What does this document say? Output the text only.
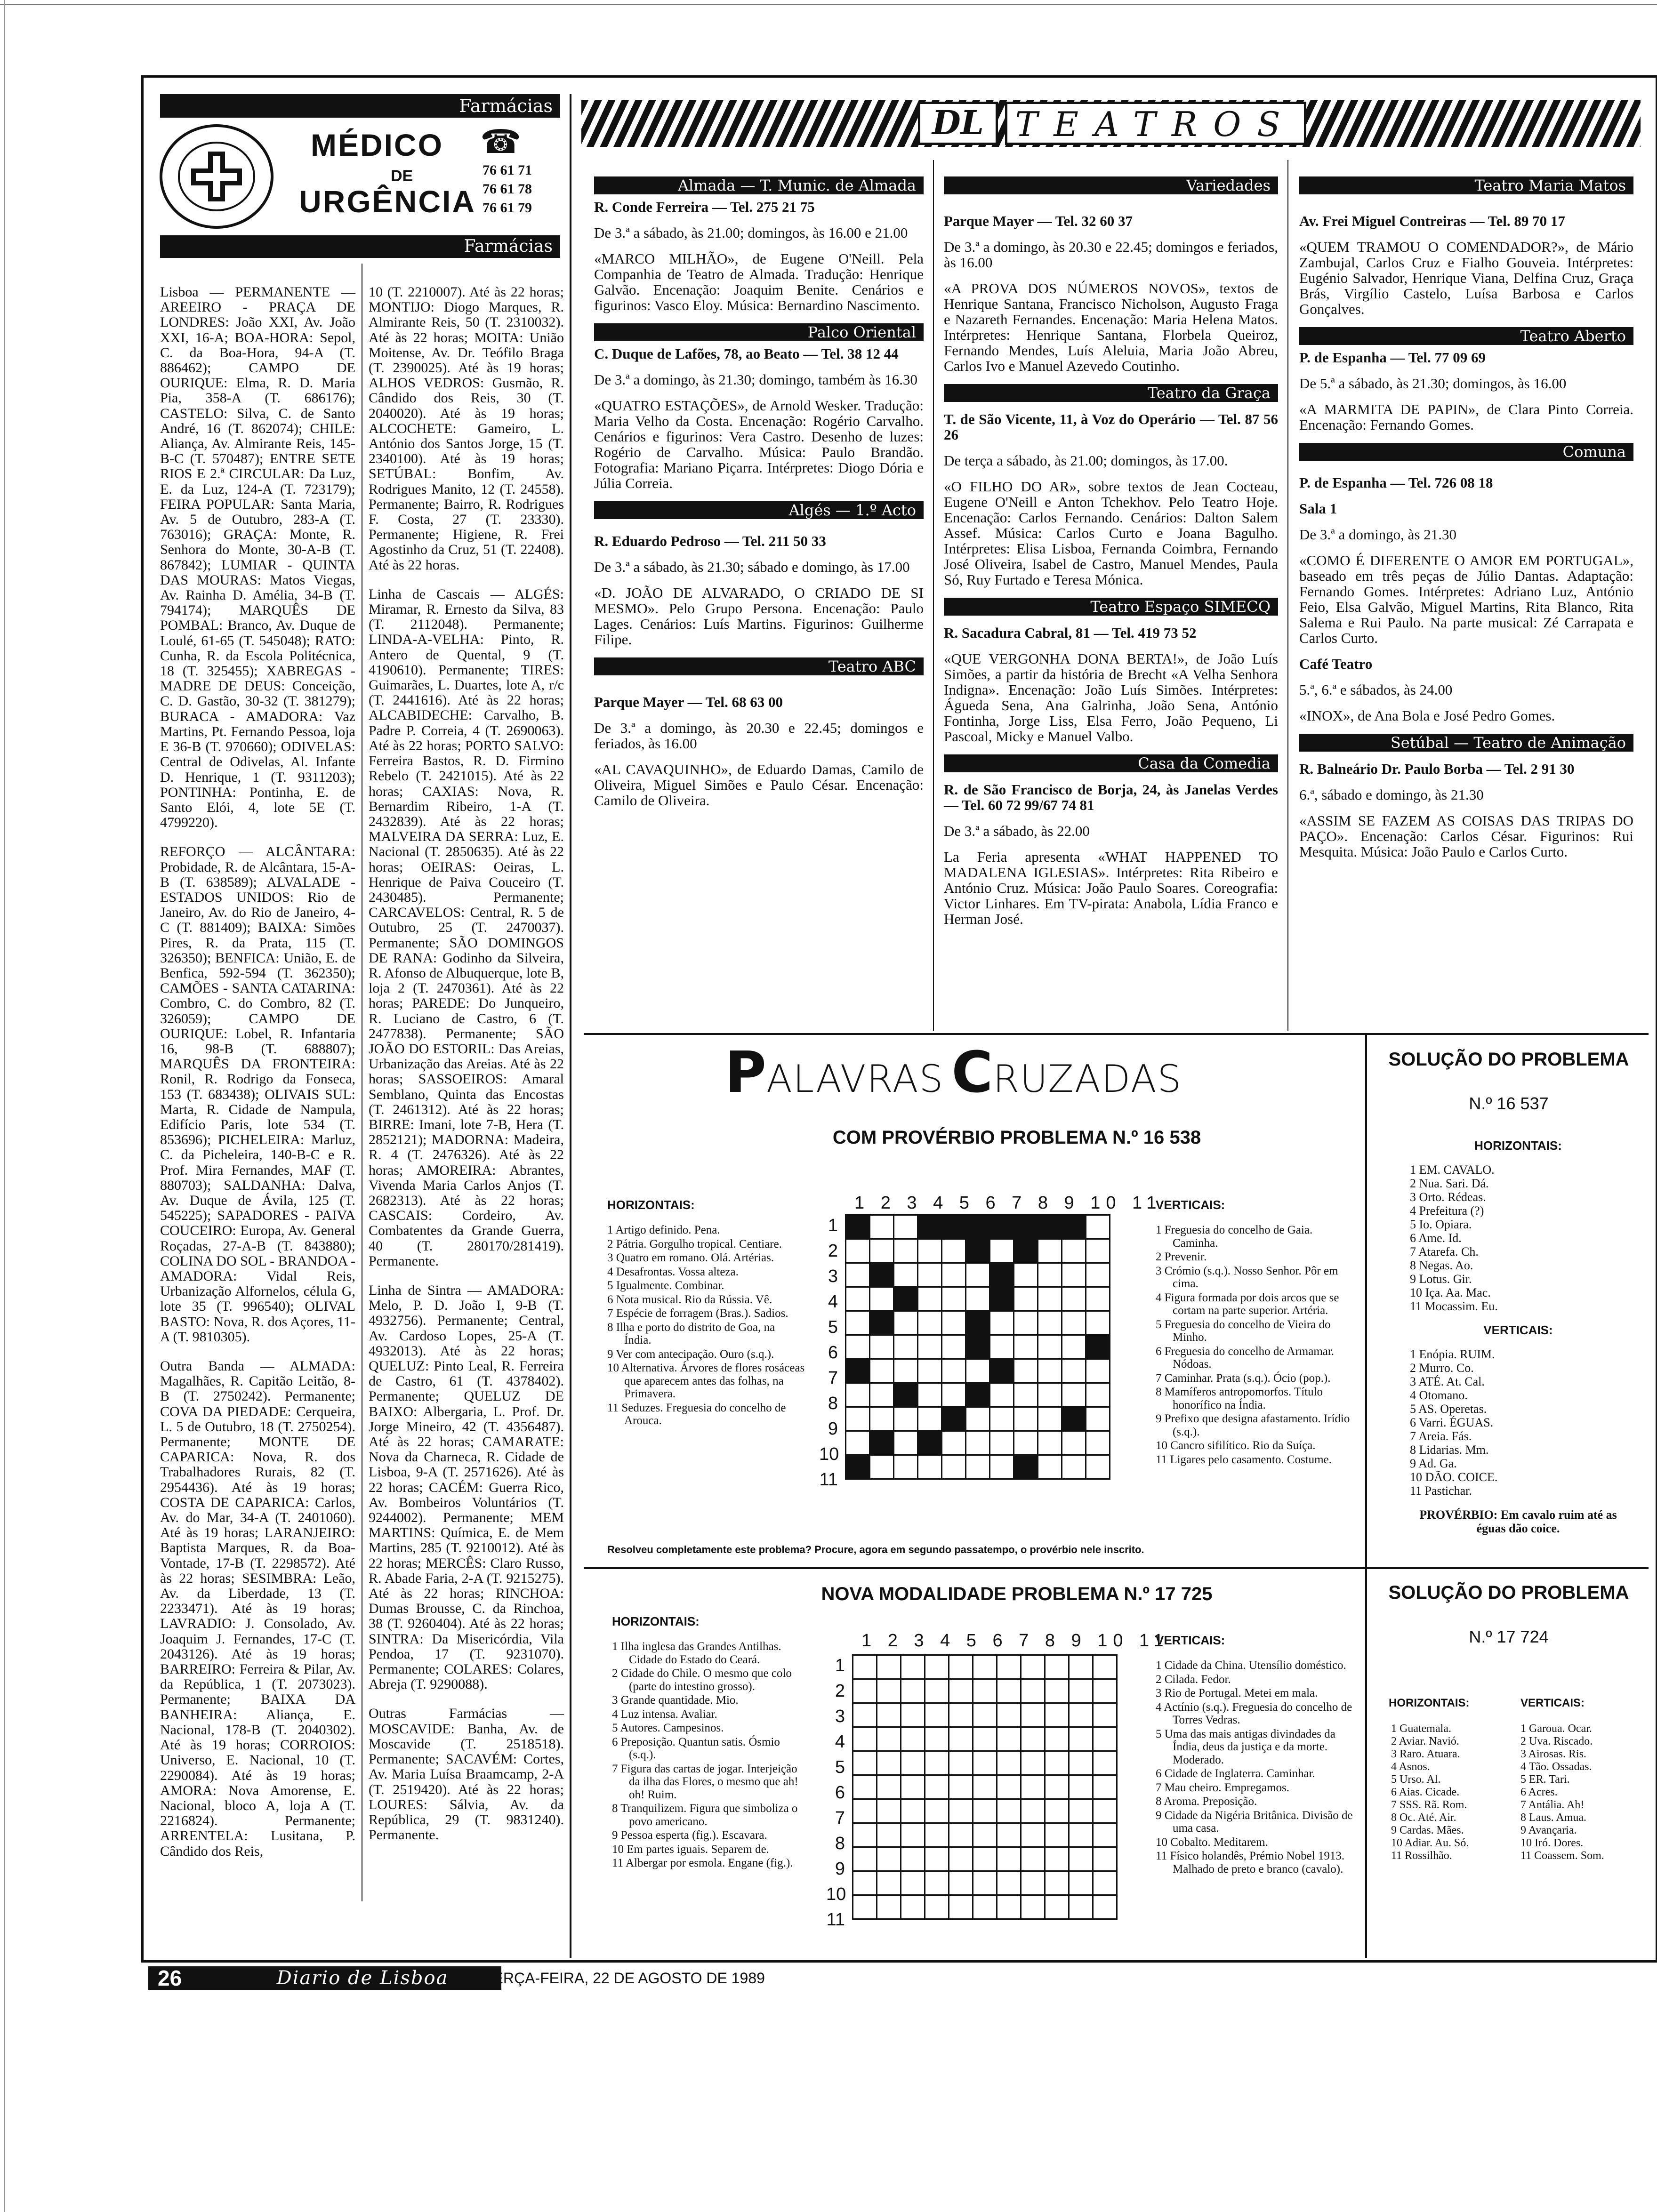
Farmácias
MÉDICO ☎
DE
URGÊNCIA
76 61 71
76 61 78
76 61 79
Farmácias

Lisboa — PERMANENTE — AREEIRO - PRAÇA DE LONDRES: João XXI, Av. João XXI, 16-A; BOA-HORA: Sepol, C. da Boa-Hora, 94-A (T. 886462); CAMPO DE OURIQUE: Elma, R. D. Maria Pia, 358-A (T. 686176); CASTELO: Silva, C. de Santo André, 16 (T. 862074); CHILE: Aliança, Av. Almirante Reis, 145-B-C (T. 570487); ENTRE SETE RIOS E 2.ª CIRCULAR: Da Luz, E. da Luz, 124-A (T. 723179); FEIRA POPULAR: Santa Maria, Av. 5 de Outubro, 283-A (T. 763016); GRAÇA: Monte, R. Senhora do Monte, 30-A-B (T. 867842); LUMIAR - QUINTA DAS MOURAS: Matos Viegas, Av. Rainha D. Amélia, 34-B (T. 794174); MARQUÊS DE POMBAL: Branco, Av. Duque de Loulé, 61-65 (T. 545048); RATO: Cunha, R. da Escola Politécnica, 18 (T. 325455); XABREGAS - MADRE DE DEUS: Conceição, C. D. Gastão, 30-32 (T. 381279); BURACA - AMADORA: Vaz Martins, Pt. Fernando Pessoa, loja E 36-B (T. 970660); ODIVELAS: Central de Odivelas, Al. Infante D. Henrique, 1 (T. 9311203); PONTINHA: Pontinha, E. de Santo Elói, 4, lote 5E (T. 4799220).

REFORÇO — ALCÂNTARA: Probidade, R. de Alcântara, 15-A-B (T. 638589); ALVALADE - ESTADOS UNIDOS: Rio de Janeiro, Av. do Rio de Janeiro, 4-C (T. 881409); BAIXA: Simões Pires, R. da Prata, 115 (T. 326350); BENFICA: União, E. de Benfica, 592-594 (T. 362350); CAMÕES - SANTA CATARINA: Combro, C. do Combro, 82 (T. 326059); CAMPO DE OURIQUE: Lobel, R. Infantaria 16, 98-B (T. 688807); MARQUÊS DA FRONTEIRA: Ronil, R. Rodrigo da Fonseca, 153 (T. 683438); OLIVAIS SUL: Marta, R. Cidade de Nampula, Edifício Paris, lote 534 (T. 853696); PICHELEIRA: Marluz, C. da Picheleira, 140-B-C e R. Prof. Mira Fernandes, MAF (T. 880703); SALDANHA: Dalva, Av. Duque de Ávila, 125 (T. 545225); SAPADORES - PAIVA COUCEIRO: Europa, Av. General Roçadas, 27-A-B (T. 843880); COLINA DO SOL - BRANDOA - AMADORA: Vidal Reis, Urbanização Alfornelos, célula G, lote 35 (T. 996540); OLIVAL BASTO: Nova, R. dos Açores, 11-A (T. 9810305).

Outra Banda — ALMADA: Magalhães, R. Capitão Leitão, 8-B (T. 2750242). Permanente; COVA DA PIEDADE: Cerqueira, L. 5 de Outubro, 18 (T. 2750254). Permanente; MONTE DE CAPARICA: Nova, R. dos Trabalhadores Rurais, 82 (T. 2954436). Até às 19 horas; COSTA DE CAPARICA: Carlos, Av. do Mar, 34-A (T. 2401060). Até às 19 horas; LARANJEIRO: Baptista Marques, R. da Boa-Vontade, 17-B (T. 2298572). Até às 22 horas; SESIMBRA: Leão, Av. da Liberdade, 13 (T. 2233471). Até às 19 horas; LAVRADIO: J. Consolado, Av. Joaquim J. Fernandes, 17-C (T. 2043126). Até às 19 horas; BARREIRO: Ferreira & Pilar, Av. da República, 1 (T. 2073023). Permanente; BAIXA DA BANHEIRA: Aliança, E. Nacional, 178-B (T. 2040302). Até às 19 horas; CORROIOS: Universo, E. Nacional, 10 (T. 2290084). Até às 19 horas; AMORA: Nova Amorense, E. Nacional, bloco A, loja A (T. 2216824). Permanente; ARRENTELA: Lusitana, P. Cândido dos Reis,

10 (T. 2210007). Até às 22 horas; MONTIJO: Diogo Marques, R. Almirante Reis, 50 (T. 2310032). Até às 22 horas; MOITA: União Moitense, Av. Dr. Teófilo Braga (T. 2390025). Até às 19 horas; ALHOS VEDROS: Gusmão, R. Cândido dos Reis, 30 (T. 2040020). Até às 19 horas; ALCOCHETE: Gameiro, L. António dos Santos Jorge, 15 (T. 2340100). Até às 19 horas; SETÚBAL: Bonfim, Av. Rodrigues Manito, 12 (T. 24558). Permanente; Bairro, R. Rodrigues F. Costa, 27 (T. 23330). Permanente; Higiene, R. Frei Agostinho da Cruz, 51 (T. 22408). Até às 22 horas.

Linha de Cascais — ALGÉS: Miramar, R. Ernesto da Silva, 83 (T. 2112048). Permanente; LINDA-A-VELHA: Pinto, R. Antero de Quental, 9 (T. 4190610). Permanente; TIRES: Guimarães, L. Duartes, lote A, r/c (T. 2441616). Até às 22 horas; ALCABIDECHE: Carvalho, B. Padre P. Correia, 4 (T. 2690063). Até às 22 horas; PORTO SALVO: Ferreira Bastos, R. D. Firmino Rebelo (T. 2421015). Até às 22 horas; CAXIAS: Nova, R. Bernardim Ribeiro, 1-A (T. 2432839). Até às 22 horas; MALVEIRA DA SERRA: Luz, E. Nacional (T. 2850635). Até às 22 horas; OEIRAS: Oeiras, L. Henrique de Paiva Couceiro (T. 2430485). Permanente; CARCAVELOS: Central, R. 5 de Outubro, 25 (T. 2470037). Permanente; SÃO DOMINGOS DE RANA: Godinho da Silveira, R. Afonso de Albuquerque, lote B, loja 2 (T. 2470361). Até às 22 horas; PAREDE: Do Junqueiro, R. Luciano de Castro, 6 (T. 2477838). Permanente; SÃO JOÃO DO ESTORIL: Das Areias, Urbanização das Areias. Até às 22 horas; SASSOEIROS: Amaral Semblano, Quinta das Encostas (T. 2461312). Até às 22 horas; BIRRE: Imani, lote 7-B, Hera (T. 2852121); MADORNA: Madeira, R. 4 (T. 2476326). Até às 22 horas; AMOREIRA: Abrantes, Vivenda Maria Carlos Anjos (T. 2682313). Até às 22 horas; CASCAIS: Cordeiro, Av. Combatentes da Grande Guerra, 40 (T. 280170/281419). Permanente.

Linha de Sintra — AMADORA: Melo, P. D. João I, 9-B (T. 4932756). Permanente; Central, Av. Cardoso Lopes, 25-A (T. 4932013). Até às 22 horas; QUELUZ: Pinto Leal, R. Ferreira de Castro, 61 (T. 4378402). Permanente; QUELUZ DE BAIXO: Albergaria, L. Prof. Dr. Jorge Mineiro, 42 (T. 4356487). Até às 22 horas; CAMARATE: Nova da Charneca, R. Cidade de Lisboa, 9-A (T. 2571626). Até às 22 horas; CACÉM: Guerra Rico, Av. Bombeiros Voluntários (T. 9244002). Permanente; MEM MARTINS: Química, E. de Mem Martins, 285 (T. 9210012). Até às 22 horas; MERCÊS: Claro Russo, R. Abade Faria, 2-A (T. 9215275). Até às 22 horas; RINCHOA: Dumas Brousse, C. da Rinchoa, 38 (T. 9260404). Até às 22 horas; SINTRA: Da Misericórdia, Vila Pendoa, 17 (T. 9231070). Permanente; COLARES: Colares, Abreja (T. 9290088).

Outras Farmácias — MOSCAVIDE: Banha, Av. de Moscavide (T. 2518518). Permanente; SACAVÉM: Cortes, Av. Maria Luísa Braamcamp, 2-A (T. 2519420). Até às 22 horas; LOURES: Sálvia, Av. da República, 29 (T. 9831240). Permanente.

DL TEATROS
Almada — T. Munic. de Almada

R. Conde Ferreira — Tel. 275 21 75

De 3.ª a sábado, às 21.00; domingos, às 16.00 e 21.00

«MARCO MILHÃO», de Eugene O'Neill. Pela Companhia de Teatro de Almada. Tradução: Henrique Galvão. Encenação: Joaquim Benite. Cenários e figurinos: Vasco Eloy. Música: Bernardino Nascimento.

Palco Oriental

C. Duque de Lafões, 78, ao Beato — Tel. 38 12 44

De 3.ª a domingo, às 21.30; domingo, também às 16.30

«QUATRO ESTAÇÕES», de Arnold Wesker. Tradução: Maria Velho da Costa. Encenação: Rogério Carvalho. Cenários e figurinos: Vera Castro. Desenho de luzes: Rogério de Carvalho. Música: Paulo Brandão. Fotografia: Mariano Piçarra. Intérpretes: Diogo Dória e Júlia Correia.

Algés — 1.º Acto

R. Eduardo Pedroso — Tel. 211 50 33

De 3.ª a sábado, às 21.30; sábado e domingo, às 17.00

«D. JOÃO DE ALVARADO, O CRIADO DE SI MESMO». Pelo Grupo Persona. Encenação: Paulo Lages. Cenários: Luís Martins. Figurinos: Guilherme Filipe.

Teatro ABC

Parque Mayer — Tel. 68 63 00

De 3.ª a domingo, às 20.30 e 22.45; domingos e feriados, às 16.00

«AL CAVAQUINHO», de Eduardo Damas, Camilo de Oliveira, Miguel Simões e Paulo César. Encenação: Camilo de Oliveira.

Variedades

Parque Mayer — Tel. 32 60 37

De 3.ª a domingo, às 20.30 e 22.45; domingos e feriados, às 16.00

«A PROVA DOS NÚMEROS NOVOS», textos de Henrique Santana, Francisco Nicholson, Augusto Fraga e Nazareth Fernandes. Encenação: Maria Helena Matos. Intérpretes: Henrique Santana, Florbela Queiroz, Fernando Mendes, Luís Aleluia, Maria João Abreu, Carlos Ivo e Manuel Azevedo Coutinho.

Teatro da Graça

T. de São Vicente, 11, à Voz do Operário — Tel. 87 56 26

De terça a sábado, às 21.00; domingos, às 17.00.

«O FILHO DO AR», sobre textos de Jean Cocteau, Eugene O'Neill e Anton Tchekhov. Pelo Teatro Hoje. Encenação: Carlos Fernando. Cenários: Dalton Salem Assef. Música: Carlos Curto e Joana Bagulho. Intérpretes: Elisa Lisboa, Fernanda Coimbra, Fernando José Oliveira, Isabel de Castro, Manuel Mendes, Paula Só, Ruy Furtado e Teresa Mónica.

Teatro Espaço SIMECQ

R. Sacadura Cabral, 81 — Tel. 419 73 52

«QUE VERGONHA DONA BERTA!», de João Luís Simões, a partir da história de Brecht «A Velha Senhora Indigna». Encenação: João Luís Simões. Intérpretes: Águeda Sena, Ana Galrinha, João Sena, António Fontinha, Jorge Liss, Elsa Ferro, João Pequeno, Li Pascoal, Micky e Manuel Valbo.

Casa da Comedia

R. de São Francisco de Borja, 24, às Janelas Verdes — Tel. 60 72 99/67 74 81

De 3.ª a sábado, às 22.00

La Feria apresenta «WHAT HAPPENED TO MADALENA IGLESIAS». Intérpretes: Rita Ribeiro e António Cruz. Música: João Paulo Soares. Coreografia: Victor Linhares. Em TV-pirata: Anabola, Lídia Franco e Herman José.

Teatro Maria Matos

Av. Frei Miguel Contreiras — Tel. 89 70 17

«QUEM TRAMOU O COMENDADOR?», de Mário Zambujal, Carlos Cruz e Fialho Gouveia. Intérpretes: Eugénio Salvador, Henrique Viana, Delfina Cruz, Graça Brás, Virgílio Castelo, Luísa Barbosa e Carlos Gonçalves.

Teatro Aberto

P. de Espanha — Tel. 77 09 69

De 5.ª a sábado, às 21.30; domingos, às 16.00

«A MARMITA DE PAPIN», de Clara Pinto Correia. Encenação: Fernando Gomes.

Comuna

P. de Espanha — Tel. 726 08 18

Sala 1

De 3.ª a domingo, às 21.30

«COMO É DIFERENTE O AMOR EM PORTUGAL», baseado em três peças de Júlio Dantas. Adaptação: Fernando Gomes. Intérpretes: Adriano Luz, António Feio, Elsa Galvão, Miguel Martins, Rita Blanco, Rita Salema e Rui Paulo. Na parte musical: Zé Carrapata e Carlos Curto.

Café Teatro

5.ª, 6.ª e sábados, às 24.00

«INOX», de Ana Bola e José Pedro Gomes.

Setúbal — Teatro de Animação

R. Balneário Dr. Paulo Borba — Tel. 2 91 30

6.ª, sábado e domingo, às 21.30

«ASSIM SE FAZEM AS COISAS DAS TRIPAS DO PAÇO». Encenação: Carlos César. Figurinos: Rui Mesquita. Música: João Paulo e Carlos Curto.

PALAVRAS CRUZADAS
COM PROVÉRBIO PROBLEMA N.º 16 538
HORIZONTAIS:
1 Artigo definido. Pena.
2 Pátria. Gorgulho tropical. Centiare.
3 Quatro em romano. Olá. Artérias.
4 Desafrontas. Vossa alteza.
5 Igualmente. Combinar.
6 Nota musical. Rio da Rússia. Vê.
7 Espécie de forragem (Bras.). Sadios.
8 Ilha e porto do distrito de Goa, na Índia.
9 Ver com antecipação. Ouro (s.q.).
10 Alternativa. Árvores de flores rosáceas que aparecem antes das folhas, na Primavera.
11 Seduzes. Freguesia do concelho de Arouca.
1 2 3 4 5 6 7 8 9 10 11
1
2
3
4
5
6
7
8
9
10
11

VERTICAIS:
1 Freguesia do concelho de Gaia. Caminha.
2 Prevenir.
3 Crómio (s.q.). Nosso Senhor. Pôr em cima.
4 Figura formada por dois arcos que se cortam na parte superior. Artéria.
5 Freguesia do concelho de Vieira do Minho.
6 Freguesia do concelho de Armamar. Nódoas.
7 Caminhar. Prata (s.q.). Ócio (pop.).
8 Mamíferos antropomorfos. Título honorífico na Índia.
9 Prefixo que designa afastamento. Irídio (s.q.).
10 Cancro sifilítico. Rio da Suíça.
11 Ligares pelo casamento. Costume.
Resolveu completamente este problema? Procure, agora em segundo passatempo, o provérbio nele inscrito.
NOVA MODALIDADE PROBLEMA N.º 17 725
HORIZONTAIS:
1 Ilha inglesa das Grandes Antilhas. Cidade do Estado do Ceará.
2 Cidade do Chile. O mesmo que colo (parte do intestino grosso).
3 Grande quantidade. Mio.
4 Luz intensa. Avaliar.
5 Autores. Campesinos.
6 Preposição. Quantun satis. Ósmio (s.q.).
7 Figura das cartas de jogar. Interjeição da ilha das Flores, o mesmo que ah! oh! Ruim.
8 Tranquilizem. Figura que simboliza o povo americano.
9 Pessoa esperta (fig.). Escavara.
10 Em partes iguais. Separem de.
11 Albergar por esmola. Engane (fig.).
1 2 3 4 5 6 7 8 9 10 11
1
2
3
4
5
6
7
8
9
10
11

VERTICAIS:
1 Cidade da China. Utensílio doméstico.
2 Cilada. Fedor.
3 Rio de Portugal. Metei em mala.
4 Actínio (s.q.). Freguesia do concelho de Torres Vedras.
5 Uma das mais antigas divindades da Índia, deus da justiça e da morte. Moderado.
6 Cidade de Inglaterra. Caminhar.
7 Mau cheiro. Empregamos.
8 Aroma. Preposição.
9 Cidade da Nigéria Britânica. Divisão de uma casa.
10 Cobalto. Meditarem.
11 Físico holandês, Prémio Nobel 1913. Malhado de preto e branco (cavalo).
SOLUÇÃO DO PROBLEMA
N.º 16 537
HORIZONTAIS:
1 EM. CAVALO.
2 Nua. Sari. Dá.
3 Orto. Rédeas.
4 Prefeitura (?)
5 Io. Opiara.
6 Ame. Id.
7 Atarefa. Ch.
8 Negas. Ao.
9 Lotus. Gir.
10 Iça. Aa. Mac.
11 Mocassim. Eu.
VERTICAIS:
1 Enópia. RUIM.
2 Murro. Co.
3 ATÉ. At. Cal.
4 Otomano.
5 AS. Operetas.
6 Varri. ÉGUAS.
7 Areia. Fás.
8 Lidarias. Mm.
9 Ad. Ga.
10 DÃO. COICE.
11 Pastichar.
PROVÉRBIO: Em cavalo ruim até as éguas dão coice.
SOLUÇÃO DO PROBLEMA
N.º 17 724
HORIZONTAIS:	VERTICAIS:
1 Guatemala.
2 Aviar. Navió.
3 Raro. Atuara.
4 Asnos.
5 Urso. Al.
6 Aias. Cicade.
7 SSS. Rã. Rom.
8 Oc. Até. Air.
9 Cardas. Mães.
10 Adiar. Au. Só.
11 Rossilhão.
1 Garoua. Ocar.
2 Uva. Riscado.
3 Airosas. Ris.
4 Tão. Ossadas.
5 ER. Tari.
6 Acres.
7 Antália. Ah!
8 Laus. Amua.
9 Avançaria.
10 Iró. Dores.
11 Coassem. Som.
26	Diario de Lisboa	TERÇA-FEIRA, 22 DE AGOSTO DE 1989
